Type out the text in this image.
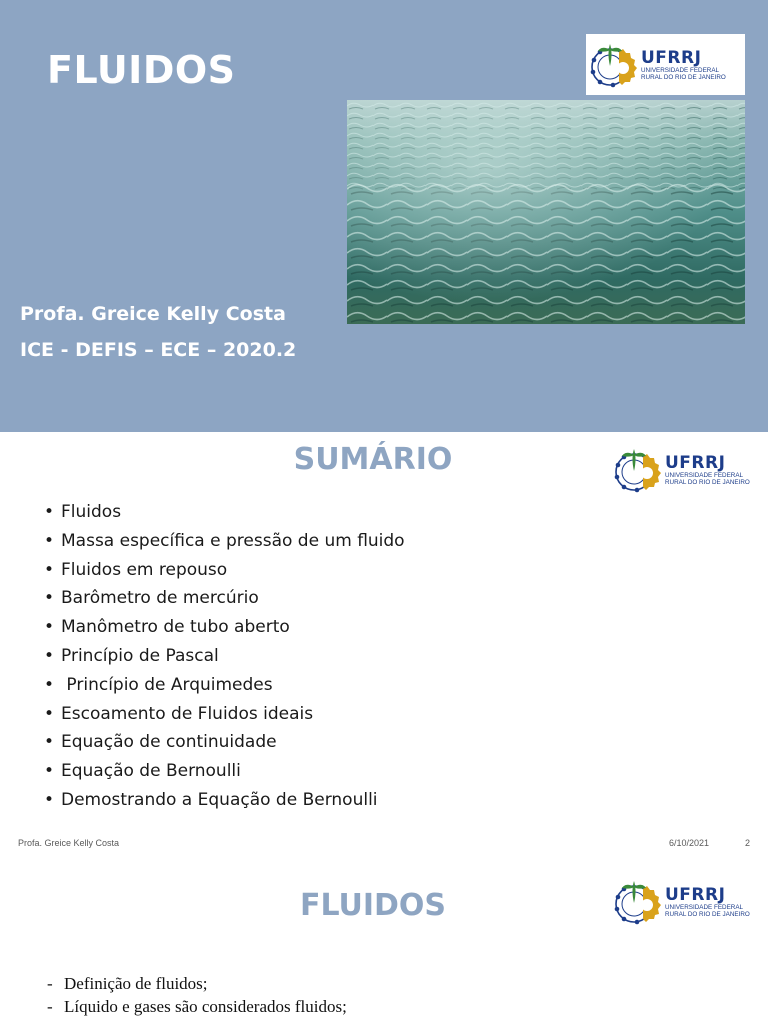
FLUIDOS	UFRRJ
UNIVERSIDADE FEDERAL RURAL DO RIO DE JANEIRO
Profa. Greice Kelly Costa
ICE - DEFIS – ECE – 2020.2
SUMÁRIO	UFRRJ
UNIVERSIDADE FEDERAL RURAL DO RIO DE JANEIRO
• Fluidos
• Massa específica e pressão de um fluido
• Fluidos em repouso
• Barômetro de mercúrio
• Manômetro de tubo aberto
• Princípio de Pascal
• Princípio de Arquimedes
• Escoamento de Fluidos ideais
• Equação de continuidade
• Equação de Bernoulli
• Demostrando a Equação de Bernoulli
Profa. Greice Kelly Costa	6/10/2021	2
FLUIDOS	UFRRJ
UNIVERSIDADE FEDERAL RURAL DO RIO DE JANEIRO
- Definição de fluidos;
- Líquido e gases são considerados fluidos;
